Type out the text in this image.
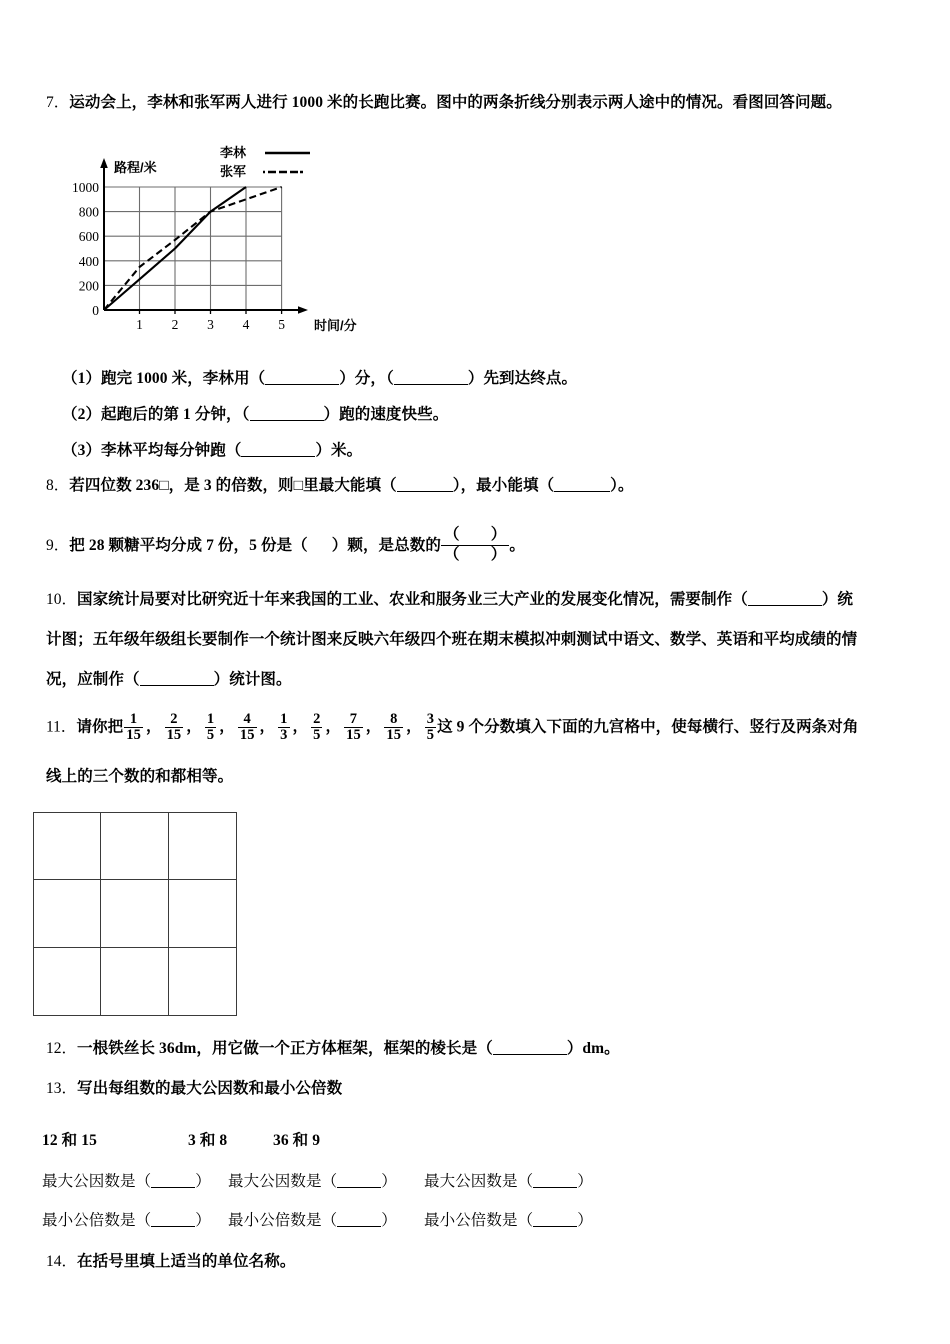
7．运动会上，李林和张军两人进行 1000 米的长跑比赛。图中的两条折线分别表示两人途中的情况。看图回答问题。
0
200
400
600
800
1000
1 2 3 4 5
路程/米
时间/分
李林
张军
（1）跑完 1000 米，李林用（	）分，（	）先到达终点。
（2）起跑后的第 1 分钟，（	）跑的速度快些。
（3）李林平均每分钟跑（	）米。
8．若四位数 236□，是 3 的倍数，则□里最大能填（	），最小能填（	）。
9．把 28 颗糖平均分成 7 份，5 份是（ ）颗，是总数的 $\frac{( )}{( )}$ 。
10．国家统计局要对比研究近十年来我国的工业、农业和服务业三大产业的发展变化情况，需要制作（	）统
计图；五年级年级组长要制作一个统计图来反映六年级四个班在期末模拟冲刺测试中语文、数学、英语和平均成绩的情
况，应制作（	）统计图。
11．请你把 $\frac{1}{15}$ ， $\frac{2}{15}$ ， $\frac{1}{5}$ ， $\frac{4}{15}$ ， $\frac{1}{3}$ ， $\frac{2}{5}$ ， $\frac{7}{15}$ ， $\frac{8}{15}$ ， $\frac{3}{5}$ 这 9 个分数填入下面的九宫格中，使每横行、竖行及两条对角
线上的三个数的和都相等。
12．一根铁丝长 36dm，用它做一个正方体框架，框架的棱长是（	）dm。
13．写出每组数的最大公因数和最小公倍数
12 和 15	3 和 8	36 和 9
最大公因数是（	） 最大公因数是（	） 最大公因数是（	）
最小公倍数是（	） 最小公倍数是（	） 最小公倍数是（	）
14．在括号里填上适当的单位名称。
